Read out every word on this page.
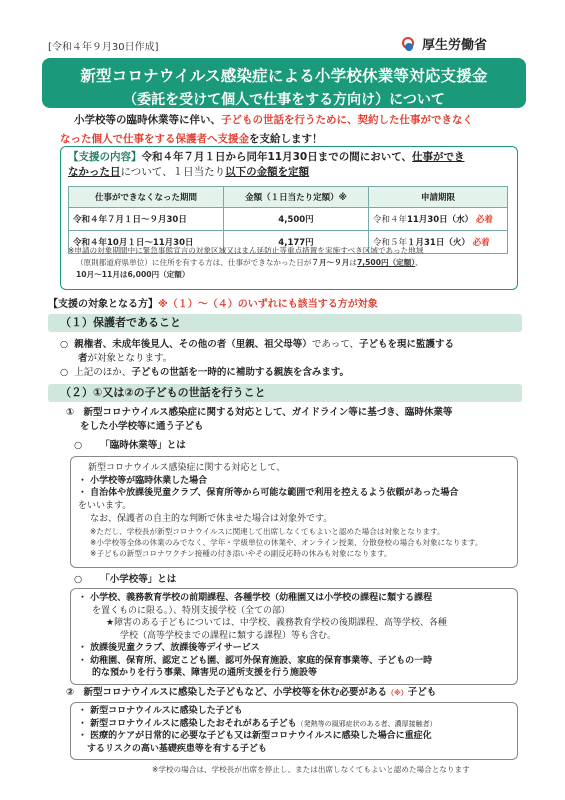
[令和４年９月30日作成]	厚生労働省
新型コロナウイルス感染症による小学校休業等対応支援金
（委託を受けて個人で仕事をする方向け）について
小学校等の臨時休業等に伴い、子どもの世話を行うために、契約した仕事ができなく
なった個人で仕事をする保護者へ支援金を支給します！
【支援の内容】令和４年７月１日から同年11月30日までの間において、仕事ができ
なかった日について、１日当たり以下の金額を定額
仕事ができなくなった期間	金額（１日当たり定額）※	申請期限
令和４年７月１日～９月30日	4,500円	令和４年11月30日（水） 必着
令和４年10月１日～11月30日	4,177円	令和５年１月31日（火） 必着
※申請の対象期間中に緊急事態宣言の対象区域又はまん延防止等重点措置を実施すべき区域であった地域
（原則都道府県単位）に住所を有する方は、仕事ができなかった日が７月～９月は7,500円（定額）、
10月～11月は6,000円（定額）
【支援の対象となる方】※（１）～（４）のいずれにも該当する方が対象
（１）保護者であること
○ 親権者、未成年後見人、その他の者（里親、祖父母等）であって、子どもを現に監護する
者が対象となります。
○ 上記のほか、子どもの世話を一時的に補助する親族を含みます。
（２）①又は②の子どもの世話を行うこと
①　新型コロナウイルス感染症に関する対応として、ガイドライン等に基づき、臨時休業等
をした小学校等に通う子ども
○ 「臨時休業等」とは
新型コロナウイルス感染症に関する対応として、
・ 小学校等が臨時休業した場合
・ 自治体や放課後児童クラブ、保育所等から可能な範囲で利用を控えるよう依頼があった場合
をいいます。
なお、保護者の自主的な判断で休ませた場合は対象外です。
※ただし、学校長が新型コロナウイルスに関連して出席しなくてもよいと認めた場合は対象となります。
※小学校等全体の休業のみでなく、学年・学級単位の休業や、オンライン授業、分散登校の場合も対象になります。
※子どもの新型コロナワクチン接種の付き添いやその副反応時の休みも対象になります。
○ 「小学校等」とは
・ 小学校、義務教育学校の前期課程、各種学校（幼稚園又は小学校の課程に類する課程
を置くものに限る。）、特別支援学校（全ての部）
★障害のある子どもについては、中学校、義務教育学校の後期課程、高等学校、各種
学校（高等学校までの課程に類する課程）等も含む。
・ 放課後児童クラブ、放課後等デイサービス
・ 幼稚園、保育所、認定こども園、認可外保育施設、家庭的保育事業等、子どもの一時
的な預かりを行う事業、障害児の通所支援を行う施設等
②　新型コロナウイルスに感染した子どもなど、小学校等を休む必要がある（※）子ども
・ 新型コロナウイルスに感染した子ども
・ 新型コロナウイルスに感染したおそれがある子ども（発熱等の風邪症状のある者、濃厚接触者）
・ 医療的ケアが日常的に必要な子ども又は新型コロナウイルスに感染した場合に重症化
　するリスクの高い基礎疾患等を有する子ども
※学校の場合は、学校長が出席を停止し、または出席しなくてもよいと認めた場合となります
